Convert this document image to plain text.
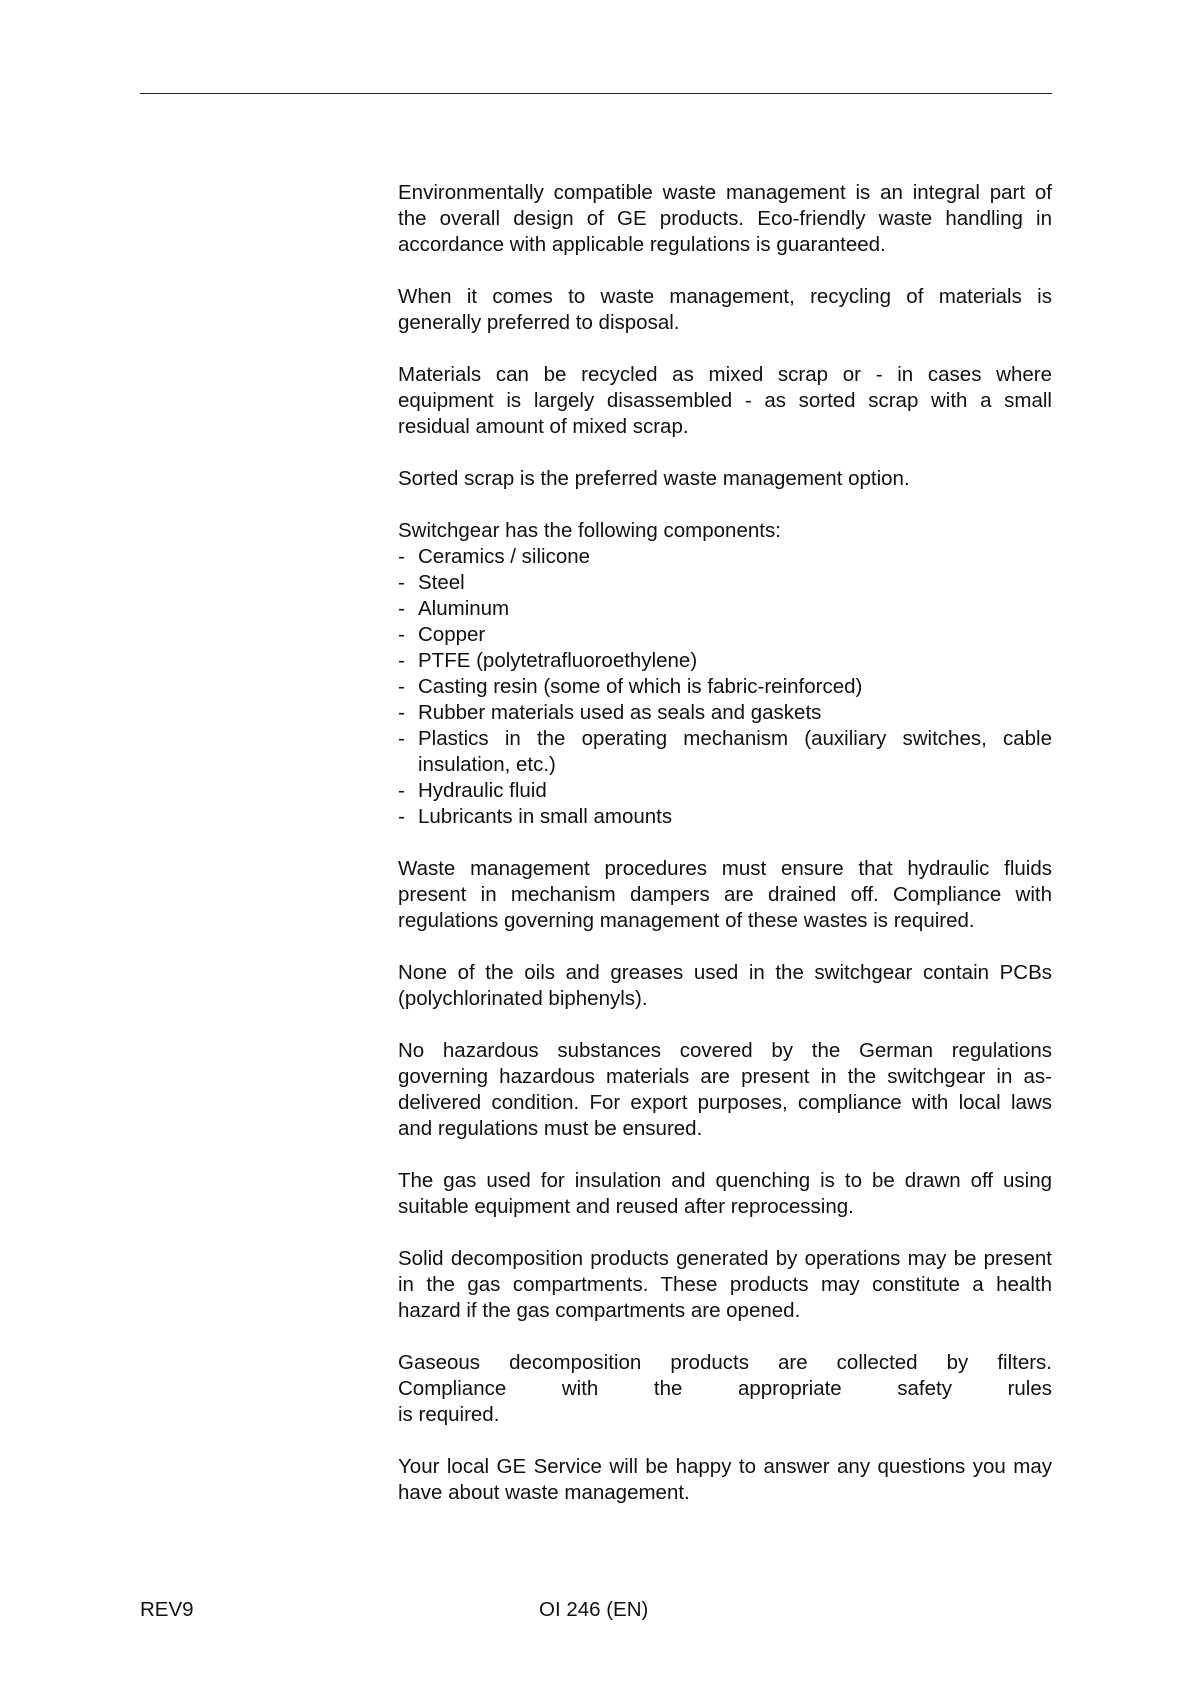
Environmentally compatible waste management is an integral part of the overall design of GE products. Eco-friendly waste handling in accordance with applicable regulations is guaranteed.

When it comes to waste management, recycling of materials is generally preferred to disposal.

Materials can be recycled as mixed scrap or - in cases where equipment is largely disassembled - as sorted scrap with a small residual amount of mixed scrap.

Sorted scrap is the preferred waste management option.

Switchgear has the following components:

- Ceramics / silicone
- Steel
- Aluminum
- Copper
- PTFE (polytetrafluoroethylene)
- Casting resin (some of which is fabric-reinforced)
- Rubber materials used as seals and gaskets
- Plastics in the operating mechanism (auxiliary switches, cable insulation, etc.)
- Hydraulic fluid
- Lubricants in small amounts

Waste management procedures must ensure that hydraulic fluids present in mechanism dampers are drained off. Compliance with regulations governing management of these wastes is required.

None of the oils and greases used in the switchgear contain PCBs (polychlorinated biphenyls).

No hazardous substances covered by the German regulations governing hazardous materials are present in the switchgear in as-delivered condition. For export purposes, compliance with local laws and regulations must be ensured.

The gas used for insulation and quenching is to be drawn off using suitable equipment and reused after reprocessing.

Solid decomposition products generated by operations may be present in the gas compartments. These products may constitute a health hazard if the gas compartments are opened.

Gaseous decomposition products are collected by filters.
Compliance with the appropriate safety rules
is required.

Your local GE Service will be happy to answer any questions you may have about waste management.

REV9	OI 246 (EN)
